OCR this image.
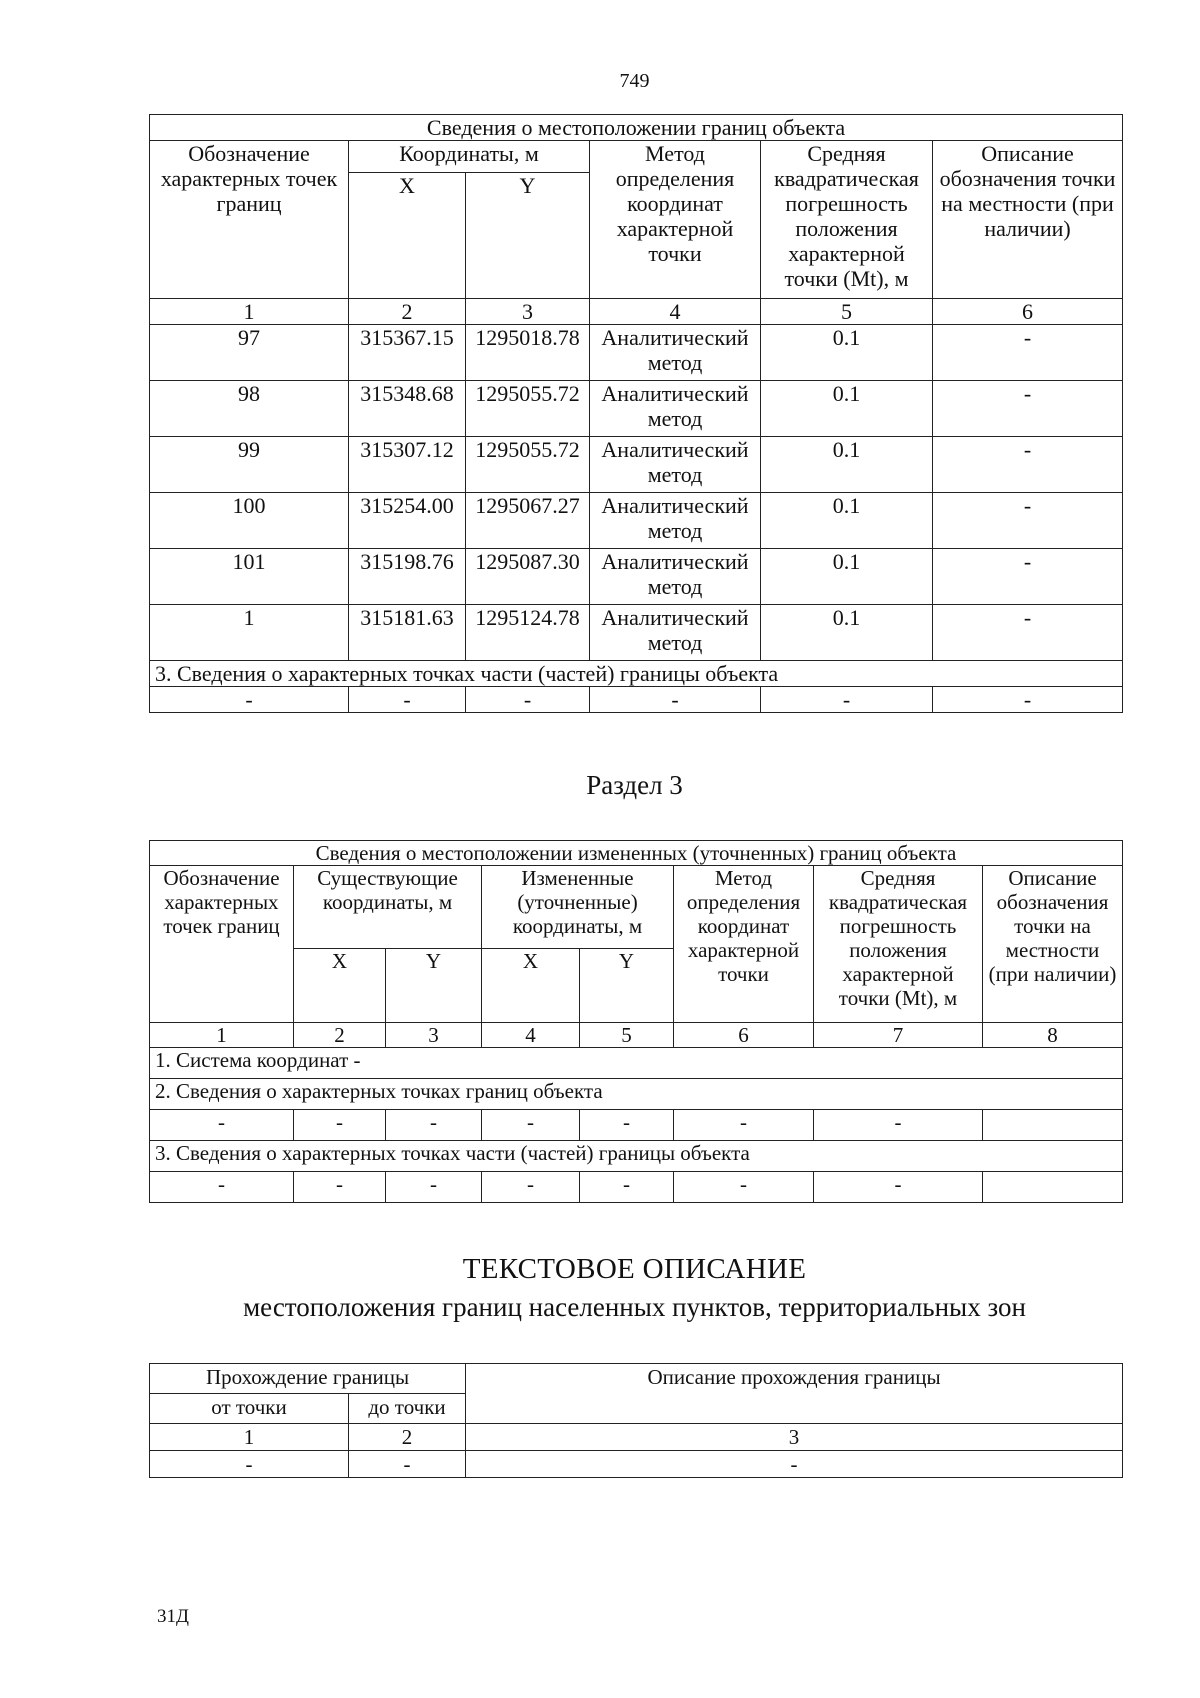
749
Сведения о местоположении границ объекта					
Обозначение характерных точек границ	Координаты, м		Метод определения координат характерной точки	Средняя квадратическая погрешность положения характерной точки (Mt), м	Описание обозначения точки на местности (при наличии)
	X	Y			
1	2	3	4	5	6
97	315367.15	1295018.78	Аналитический метод	0.1	-
98	315348.68	1295055.72	Аналитический метод	0.1	-
99	315307.12	1295055.72	Аналитический метод	0.1	-
100	315254.00	1295067.27	Аналитический метод	0.1	-
101	315198.76	1295087.30	Аналитический метод	0.1	-
1	315181.63	1295124.78	Аналитический метод	0.1	-
3. Сведения о характерных точках части (частей) границы объекта					
-	-	-	-	-	-
Раздел 3
Сведения о местоположении измененных (уточненных) границ объекта							
Обозначение характерных точек границ	Существующие координаты, м		Измененные (уточненные) координаты, м		Метод определения координат характерной точки	Средняя квадратическая погрешность положения характерной точки (Mt), м	Описание обозначения точки на местности (при наличии)
	X	Y	X	Y			
1	2	3	4	5	6	7	8
1. Система координат -							
2. Сведения о характерных точках границ объекта							
-	-	-	-	-	-	-	
3. Сведения о характерных точках части (частей) границы объекта							
-	-	-	-	-	-	-	
ТЕКСТОВОЕ ОПИСАНИЕ
местоположения границ населенных пунктов, территориальных зон
Прохождение границы		Описание прохождения границы
от точки	до точки	
1	2	3
-	-	-
31Д
